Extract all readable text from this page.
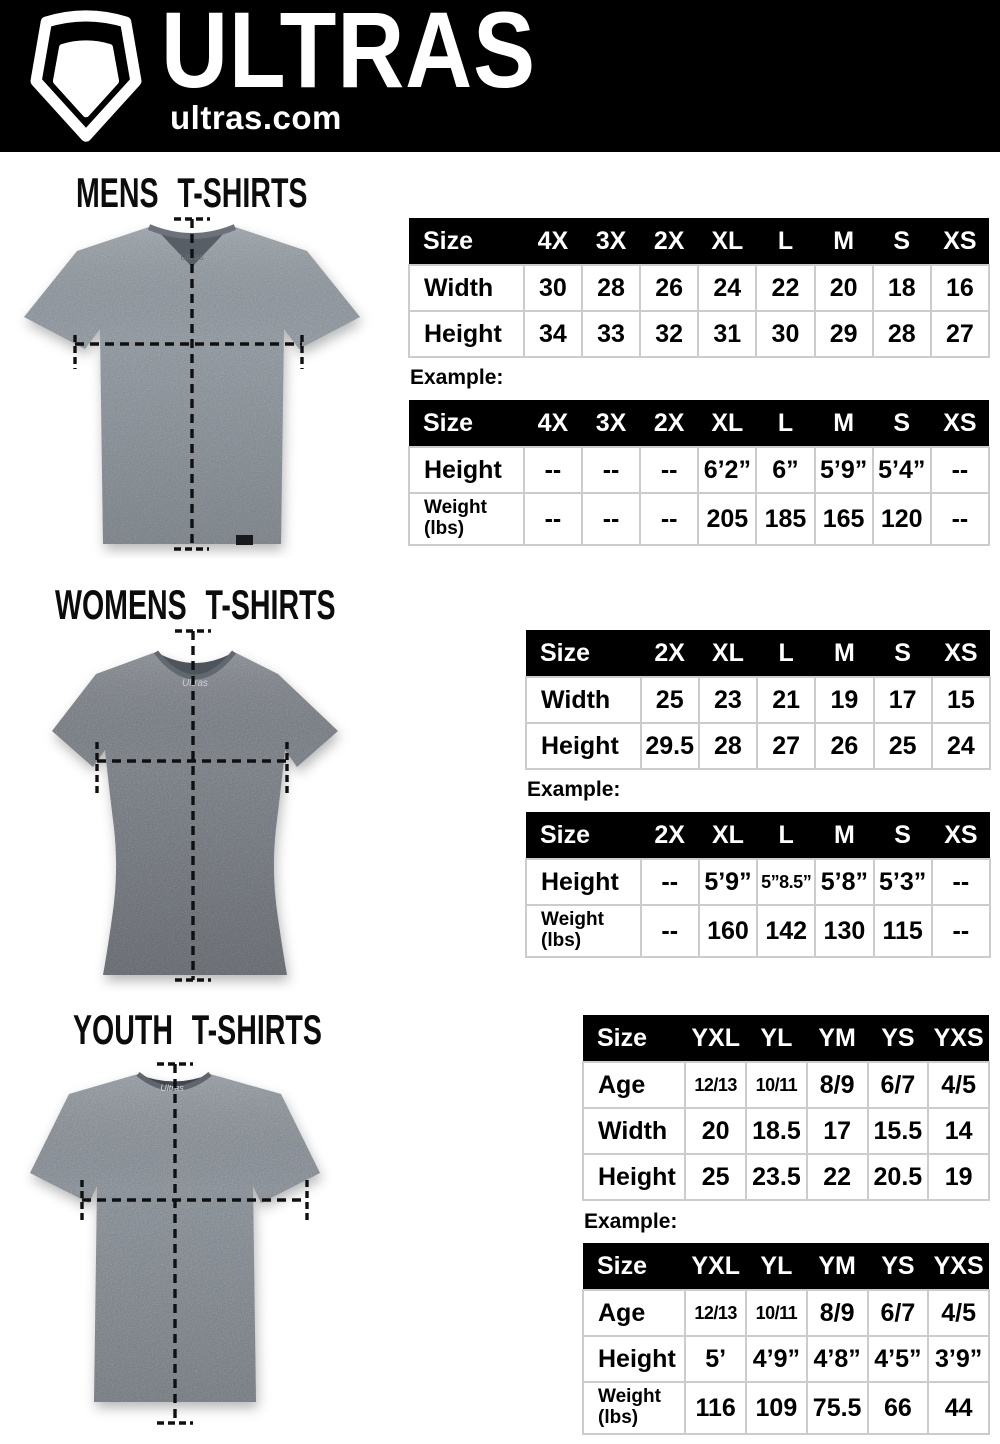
ULTRAS
ultras.com
MENS T-SHIRTS
Ultras
Size	4X	3X	2X	XL	L	M	S	XS
Width	30	28	26	24	22	20	18	16
Height	34	33	32	31	30	29	28	27
Example:
Size	4X	3X	2X	XL	L	M	S	XS
Height	--	--	--	6’2”	6”	5’9”	5’4”	--
Weight
(lbs)	--	--	--	205	185	165	120	--
WOMENS T-SHIRTS
Ultras
Size	2X	XL	L	M	S	XS
Width	25	23	21	19	17	15
Height	29.5	28	27	26	25	24
Example:
Size	2X	XL	L	M	S	XS
Height	--	5’9”	5”8.5”	5’8”	5’3”	--
Weight
(lbs)	--	160	142	130	115	--
YOUTH T-SHIRTS
Ultras
Size	YXL	YL	YM	YS	YXS
Age	12/13	10/11	8/9	6/7	4/5
Width	20	18.5	17	15.5	14
Height	25	23.5	22	20.5	19
Example:
Size	YXL	YL	YM	YS	YXS
Age	12/13	10/11	8/9	6/7	4/5
Height	5’	4’9”	4’8”	4’5”	3’9”
Weight
(lbs)	116	109	75.5	66	44
